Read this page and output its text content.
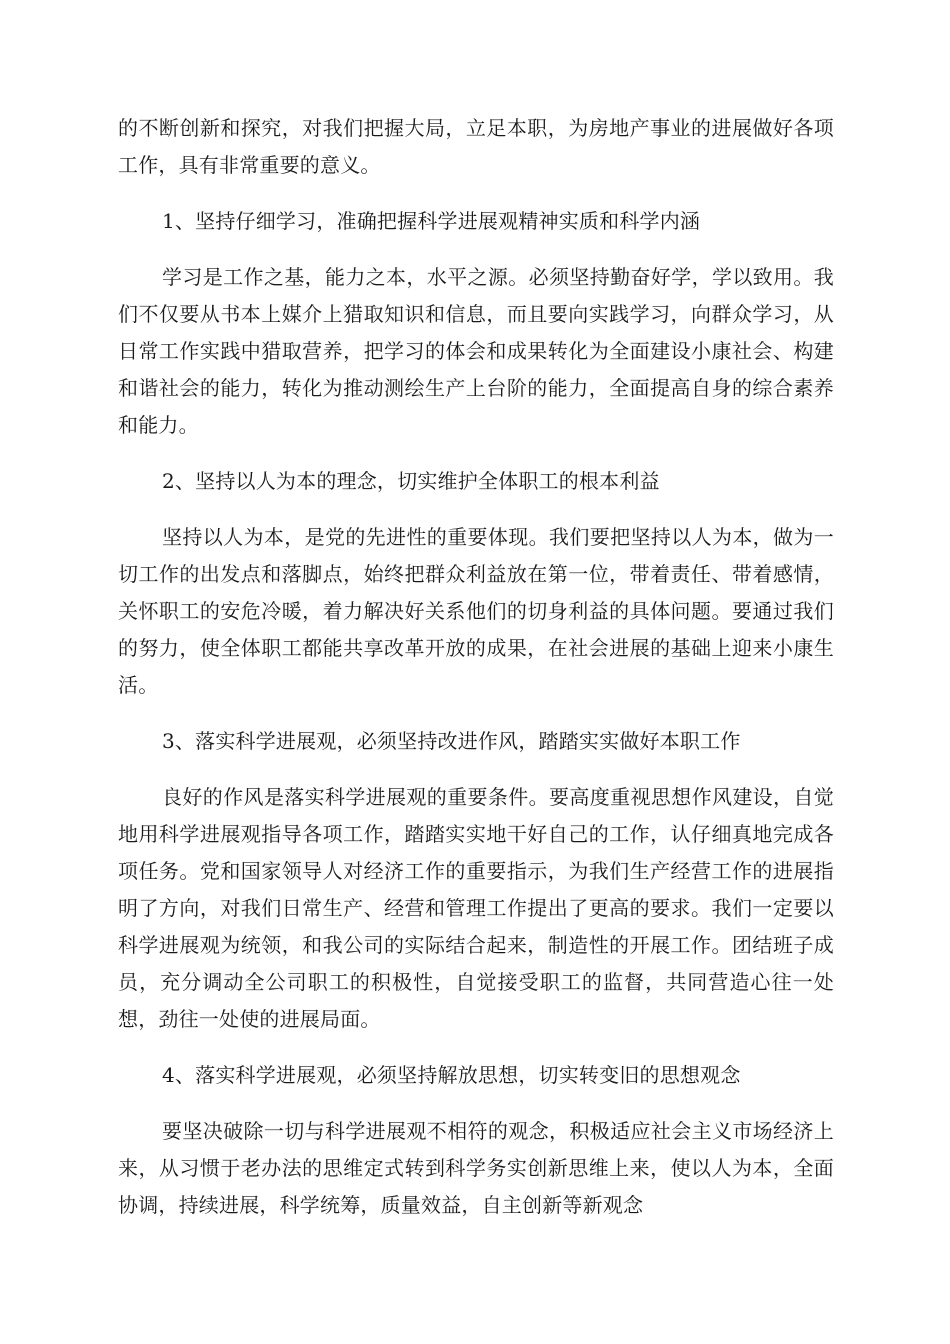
的不断创新和探究，对我们把握大局，立足本职，为房地产事业的进展做好各项工作，具有非常重要的意义。

1、坚持仔细学习，准确把握科学进展观精神实质和科学内涵

学习是工作之基，能力之本，水平之源。必须坚持勤奋好学，学以致用。我们不仅要从书本上媒介上猎取知识和信息，而且要向实践学习，向群众学习，从日常工作实践中猎取营养，把学习的体会和成果转化为全面建设小康社会、构建和谐社会的能力，转化为推动测绘生产上台阶的能力，全面提高自身的综合素养和能力。

2、坚持以人为本的理念，切实维护全体职工的根本利益

坚持以人为本，是党的先进性的重要体现。我们要把坚持以人为本，做为一切工作的出发点和落脚点，始终把群众利益放在第一位，带着责任、带着感情，关怀职工的安危冷暖，着力解决好关系他们的切身利益的具体问题。要通过我们的努力，使全体职工都能共享改革开放的成果，在社会进展的基础上迎来小康生活。

3、落实科学进展观，必须坚持改进作风，踏踏实实做好本职工作

良好的作风是落实科学进展观的重要条件。要高度重视思想作风建设，自觉地用科学进展观指导各项工作，踏踏实实地干好自己的工作，认仔细真地完成各项任务。党和国家领导人对经济工作的重要指示，为我们生产经营工作的进展指明了方向，对我们日常生产、经营和管理工作提出了更高的要求。我们一定要以科学进展观为统领，和我公司的实际结合起来，制造性的开展工作。团结班子成员，充分调动全公司职工的积极性，自觉接受职工的监督，共同营造心往一处想，劲往一处使的进展局面。

4、落实科学进展观，必须坚持解放思想，切实转变旧的思想观念

要坚决破除一切与科学进展观不相符的观念，积极适应社会主义市场经济上来，从习惯于老办法的思维定式转到科学务实创新思维上来，使以人为本，全面协调，持续进展，科学统筹，质量效益，自主创新等新观念
